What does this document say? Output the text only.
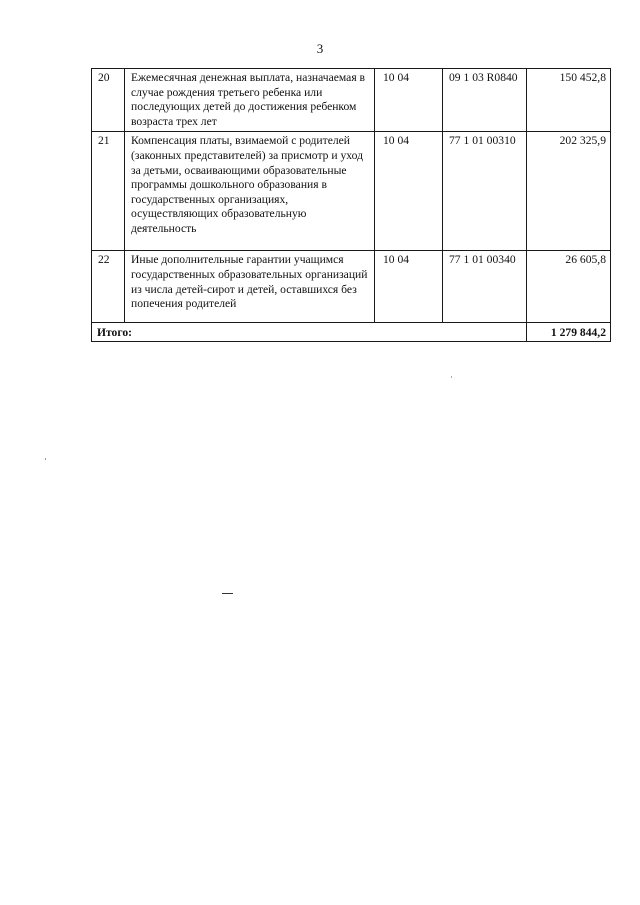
3
20	Ежемесячная денежная выплата, назначаемая в случае рождения третьего ребенка или последующих детей до достижения ребенком возраста трех лет	10 04	09 1 03 R0840	150 452,8
21	Компенсация платы, взимаемой с родителей (законных представителей) за присмотр и уход за детьми, осваивающими образовательные программы дошкольного образования в государственных организациях, осуществляющих образовательную деятельность	10 04	77 1 01 00310	202 325,9
22	Иные дополнительные гарантии учащимся государственных образовательных организаций из числа детей-сирот и детей, оставшихся без попечения родителей	10 04	77 1 01 00340	26 605,8
Итого:				1 279 844,2
